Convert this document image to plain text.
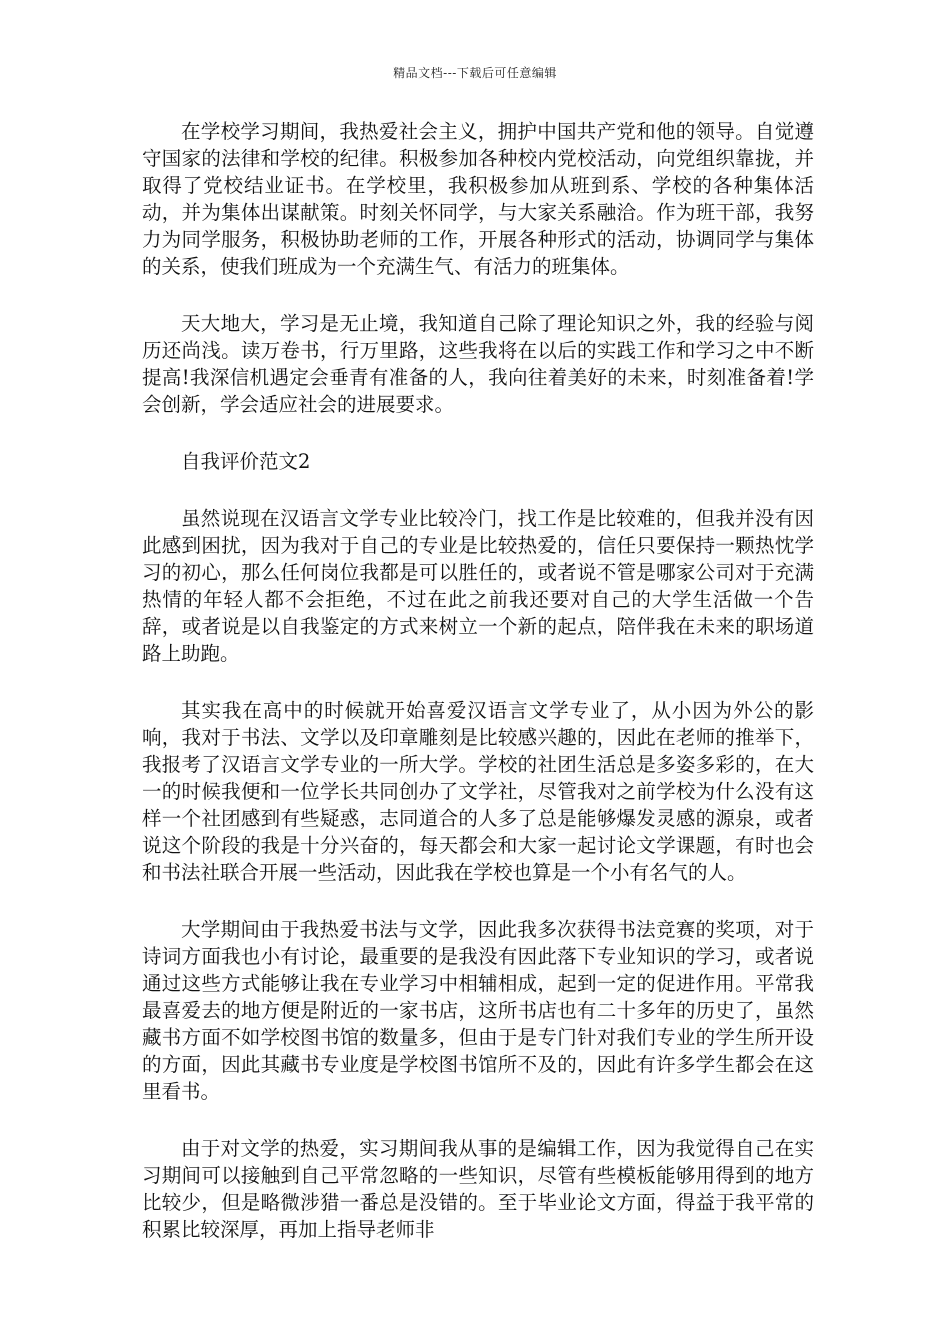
精品文档---下载后可任意编辑

在学校学习期间，我热爱社会主义，拥护中国共产党和他的领导。自觉遵守国家的法律和学校的纪律。积极参加各种校内党校活动，向党组织靠拢，并取得了党校结业证书。在学校里，我积极参加从班到系、学校的各种集体活动，并为集体出谋献策。时刻关怀同学，与大家关系融洽。作为班干部，我努力为同学服务，积极协助老师的工作，开展各种形式的活动，协调同学与集体的关系，使我们班成为一个充满生气、有活力的班集体。

天大地大，学习是无止境，我知道自己除了理论知识之外，我的经验与阅历还尚浅。读万卷书，行万里路，这些我将在以后的实践工作和学习之中不断提高!我深信机遇定会垂青有准备的人，我向往着美好的未来，时刻准备着!学会创新，学会适应社会的进展要求。

自我评价范文2

虽然说现在汉语言文学专业比较冷门，找工作是比较难的，但我并没有因此感到困扰，因为我对于自己的专业是比较热爱的，信任只要保持一颗热忱学习的初心，那么任何岗位我都是可以胜任的，或者说不管是哪家公司对于充满热情的年轻人都不会拒绝，不过在此之前我还要对自己的大学生活做一个告辞，或者说是以自我鉴定的方式来树立一个新的起点，陪伴我在未来的职场道路上助跑。

其实我在高中的时候就开始喜爱汉语言文学专业了，从小因为外公的影响，我对于书法、文学以及印章雕刻是比较感兴趣的，因此在老师的推举下，我报考了汉语言文学专业的一所大学。学校的社团生活总是多姿多彩的，在大一的时候我便和一位学长共同创办了文学社，尽管我对之前学校为什么没有这样一个社团感到有些疑惑，志同道合的人多了总是能够爆发灵感的源泉，或者说这个阶段的我是十分兴奋的，每天都会和大家一起讨论文学课题，有时也会和书法社联合开展一些活动，因此我在学校也算是一个小有名气的人。

大学期间由于我热爱书法与文学，因此我多次获得书法竞赛的奖项，对于诗词方面我也小有讨论，最重要的是我没有因此落下专业知识的学习，或者说通过这些方式能够让我在专业学习中相辅相成，起到一定的促进作用。平常我最喜爱去的地方便是附近的一家书店，这所书店也有二十多年的历史了，虽然藏书方面不如学校图书馆的数量多，但由于是专门针对我们专业的学生所开设的方面，因此其藏书专业度是学校图书馆所不及的，因此有许多学生都会在这里看书。

由于对文学的热爱，实习期间我从事的是编辑工作，因为我觉得自己在实习期间可以接触到自己平常忽略的一些知识，尽管有些模板能够用得到的地方比较少，但是略微涉猎一番总是没错的。至于毕业论文方面，得益于我平常的积累比较深厚，再加上指导老师非
